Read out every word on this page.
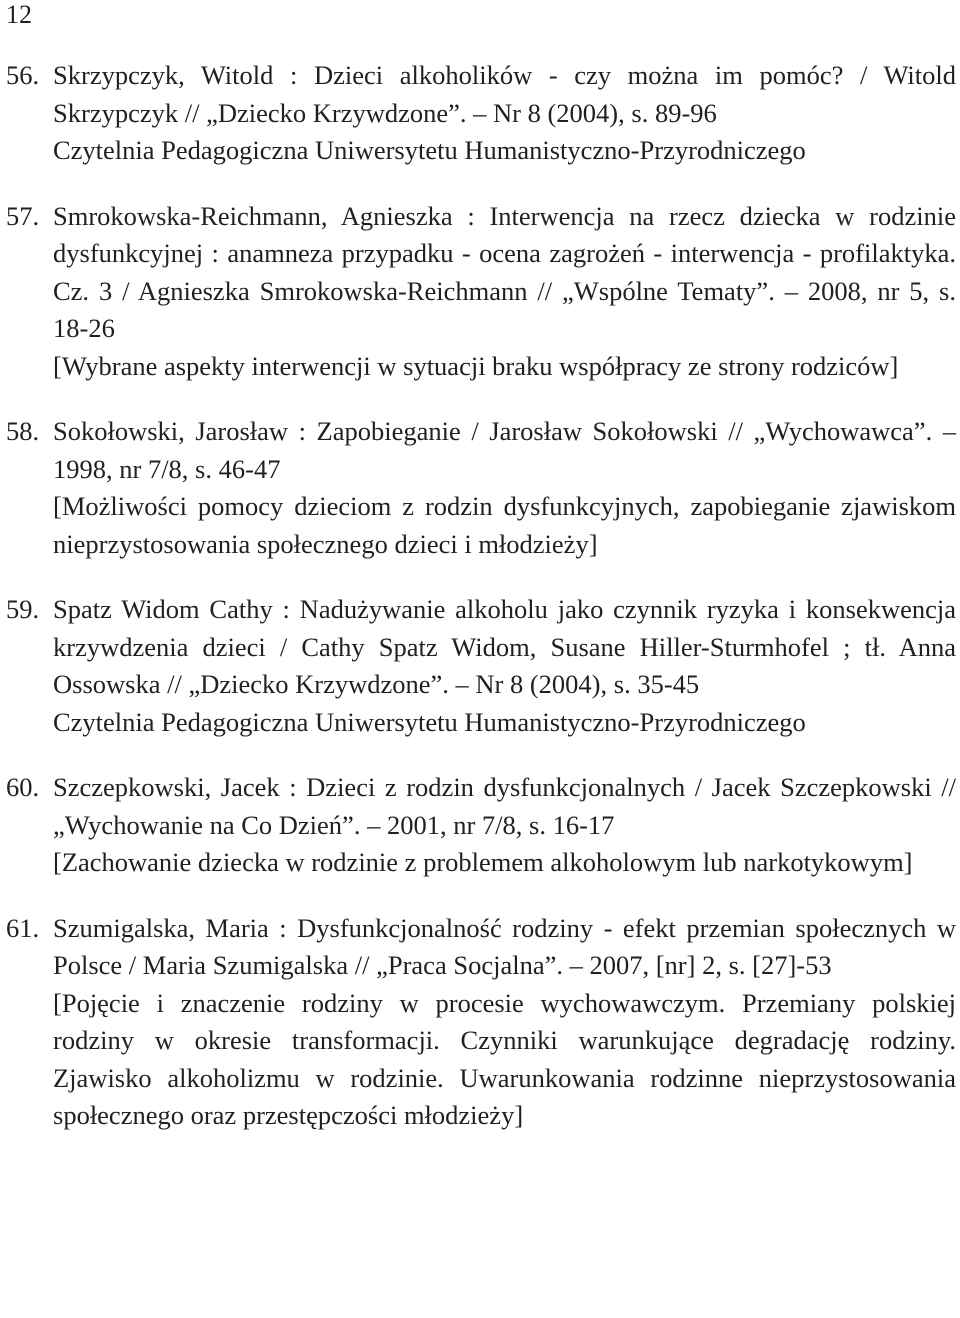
12
56. Skrzypczyk, Witold : Dzieci alkoholików - czy można im pomóc? / Witold Skrzypczyk // „Dziecko Krzywdzone”. – Nr 8 (2004), s. 89-96

Czytelnia Pedagogiczna Uniwersytetu Humanistyczno-Przyrodniczego

57. Smrokowska-Reichmann, Agnieszka : Interwencja na rzecz dziecka w rodzinie dysfunkcyjnej : anamneza przypadku - ocena zagrożeń - interwencja - profilaktyka. Cz. 3 / Agnieszka Smrokowska-Reichmann // „Wspólne Tematy”. – 2008, nr 5, s. 18-26

[Wybrane aspekty interwencji w sytuacji braku współpracy ze strony rodziców]

58. Sokołowski, Jarosław : Zapobieganie / Jarosław Sokołowski // „Wychowawca”. – 1998, nr 7/8, s. 46-47

[Możliwości pomocy dzieciom z rodzin dysfunkcyjnych, zapobieganie zjawiskom nieprzystosowania społecznego dzieci i młodzieży]

59. Spatz Widom Cathy : Nadużywanie alkoholu jako czynnik ryzyka i konsekwencja krzywdzenia dzieci / Cathy Spatz Widom, Susane Hiller-Sturmhofel ; tł. Anna Ossowska // „Dziecko Krzywdzone”. – Nr 8 (2004), s. 35-45

Czytelnia Pedagogiczna Uniwersytetu Humanistyczno-Przyrodniczego

60. Szczepkowski, Jacek : Dzieci z rodzin dysfunkcjonalnych / Jacek Szczepkowski // „Wychowanie na Co Dzień”. – 2001, nr 7/8, s. 16-17

[Zachowanie dziecka w rodzinie z problemem alkoholowym lub narkotykowym]

61. Szumigalska, Maria : Dysfunkcjonalność rodziny - efekt przemian społecznych w Polsce / Maria Szumigalska // „Praca Socjalna”. – 2007, [nr] 2, s. [27]-53

[Pojęcie i znaczenie rodziny w procesie wychowawczym. Przemiany polskiej rodziny w okresie transformacji. Czynniki warunkujące degradację rodziny. Zjawisko alkoholizmu w rodzinie. Uwarunkowania rodzinne nieprzystosowania społecznego oraz przestępczości młodzieży]
